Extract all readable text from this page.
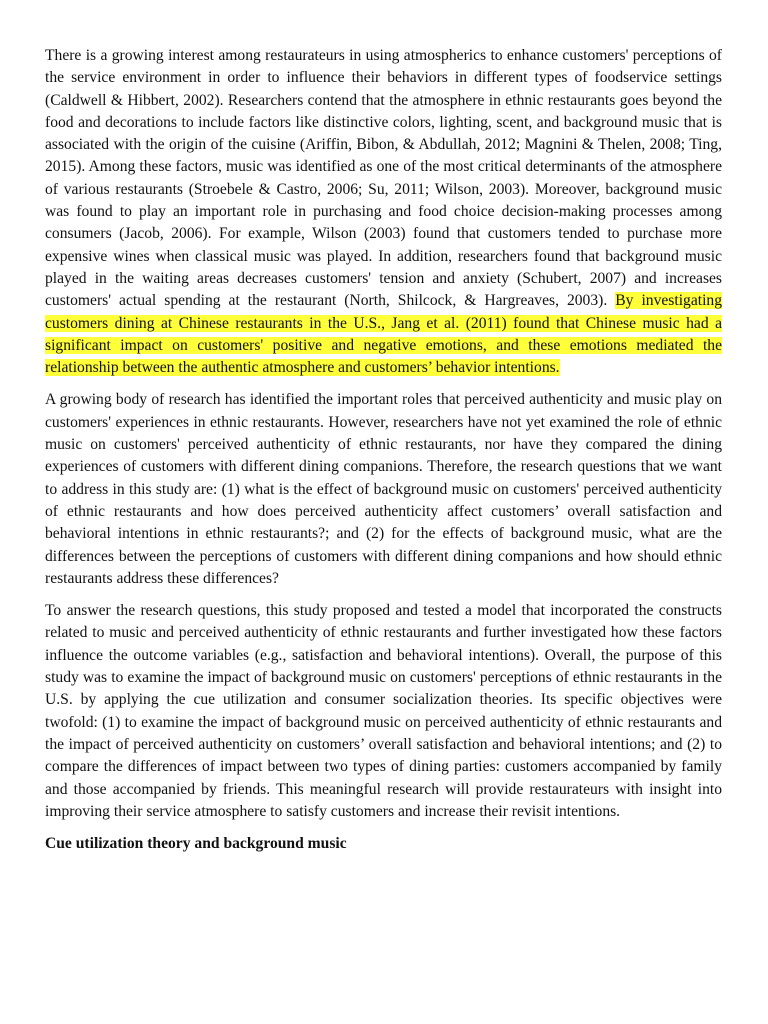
There is a growing interest among restaurateurs in using atmospherics to enhance customers' perceptions of the service environment in order to influence their behaviors in different types of foodservice settings (Caldwell & Hibbert, 2002). Researchers contend that the atmosphere in ethnic restaurants goes beyond the food and decorations to include factors like distinctive colors, lighting, scent, and background music that is associated with the origin of the cuisine (Ariffin, Bibon, & Abdullah, 2012; Magnini & Thelen, 2008; Ting, 2015). Among these factors, music was identified as one of the most critical determinants of the atmosphere of various restaurants (Stroebele & Castro, 2006; Su, 2011; Wilson, 2003). Moreover, background music was found to play an important role in purchasing and food choice decision-making processes among consumers (Jacob, 2006). For example, Wilson (2003) found that customers tended to purchase more expensive wines when classical music was played. In addition, researchers found that background music played in the waiting areas decreases customers' tension and anxiety (Schubert, 2007) and increases customers' actual spending at the restaurant (North, Shilcock, & Hargreaves, 2003). By investigating customers dining at Chinese restaurants in the U.S., Jang et al. (2011) found that Chinese music had a significant impact on customers' positive and negative emotions, and these emotions mediated the relationship between the authentic atmosphere and customers’ behavior intentions.

A growing body of research has identified the important roles that perceived authenticity and music play on customers' experiences in ethnic restaurants. However, researchers have not yet examined the role of ethnic music on customers' perceived authenticity of ethnic restaurants, nor have they compared the dining experiences of customers with different dining companions. Therefore, the research questions that we want to address in this study are: (1) what is the effect of background music on customers' perceived authenticity of ethnic restaurants and how does perceived authenticity affect customers’ overall satisfaction and behavioral intentions in ethnic restaurants?; and (2) for the effects of background music, what are the differences between the perceptions of customers with different dining companions and how should ethnic restaurants address these differences?

To answer the research questions, this study proposed and tested a model that incorporated the constructs related to music and perceived authenticity of ethnic restaurants and further investigated how these factors influence the outcome variables (e.g., satisfaction and behavioral intentions). Overall, the purpose of this study was to examine the impact of background music on customers' perceptions of ethnic restaurants in the U.S. by applying the cue utilization and consumer socialization theories. Its specific objectives were twofold: (1) to examine the impact of background music on perceived authenticity of ethnic restaurants and the impact of perceived authenticity on customers’ overall satisfaction and behavioral intentions; and (2) to compare the differences of impact between two types of dining parties: customers accompanied by family and those accompanied by friends. This meaningful research will provide restaurateurs with insight into improving their service atmosphere to satisfy customers and increase their revisit intentions.

Cue utilization theory and background music
